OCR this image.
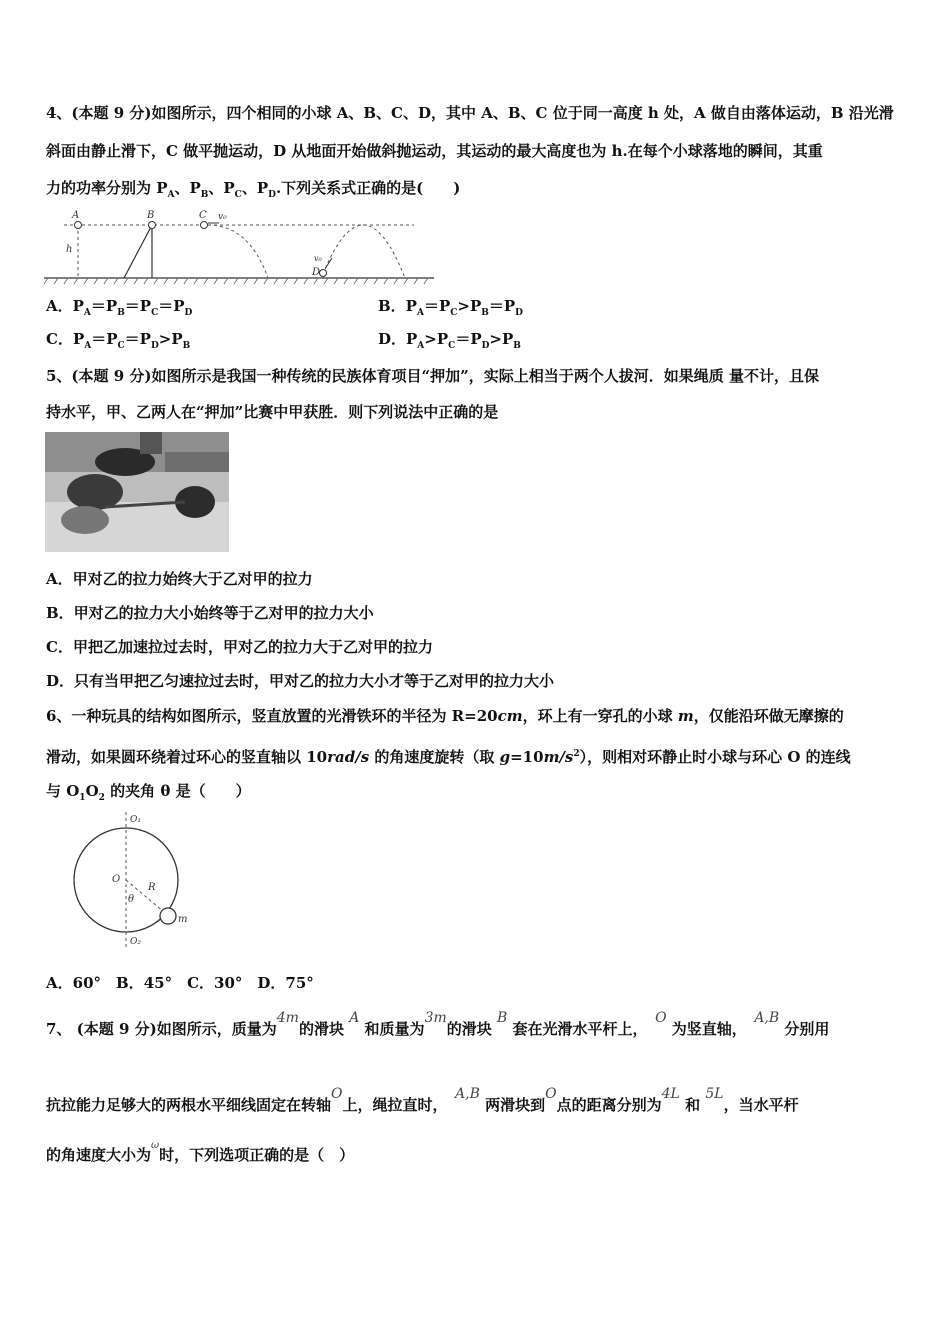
4、(本题 9 分)如图所示，四个相同的小球 A、B、C、D，其中 A、B、C 位于同一高度 h 处，A 做自由落体运动，B 沿光滑
斜面由静止滑下，C 做平抛运动，D 从地面开始做斜抛运动，其运动的最大高度也为 h.在每个小球落地的瞬间，其重
力的功率分别为 $P_A$、$P_B$、$P_C$、$P_D$.下列关系式正确的是(　　)
A	B	C v₀
h
D
v₀
A．$P_A=P_B=P_C=P_D$	B．$P_A=P_C>P_B=P_D$
C．$P_A=P_C=P_D>P_B$	D．$P_A>P_C=P_D>P_B$
5、(本题 9 分)如图所示是我国一种传统的民族体育项目“押加”，实际上相当于两个人拔河．如果绳质 量不计，且保
持水平，甲、乙两人在“押加”比赛中甲获胜．则下列说法中正确的是
A．甲对乙的拉力始终大于乙对甲的拉力
B．甲对乙的拉力大小始终等于乙对甲的拉力大小
C．甲把乙加速拉过去时，甲对乙的拉力大于乙对甲的拉力
D．只有当甲把乙匀速拉过去时，甲对乙的拉力大小才等于乙对甲的拉力大小
6、一种玩具的结构如图所示，竖直放置的光滑铁环的半径为 R=20cm，环上有一穿孔的小球 m，仅能沿环做无摩擦的
滑动，如果圆环绕着过环心的竖直轴以 10rad/s 的角速度旋转（取 $g=10m/s^2$），则相对环静止时小球与环心 O 的连线
与 $O_1O_2$ 的夹角 θ 是（　　）
O₁
O
R
θ
m
O₂
A．60°　B．45°　C．30°　D．75°
7、 (本题 9 分)如图所示，质量为4m的滑块 A 和质量为3m的滑块 B 套在光滑水平杆上，　O 为竖直轴，　A,B 分别用
抗拉能力足够大的两根水平细线固定在转轴O上，绳拉直时，　A,B 两滑块到O点的距离分别为4L 和 5L，当水平杆
的角速度大小为$^\omega$时，下列选项正确的是（　）
